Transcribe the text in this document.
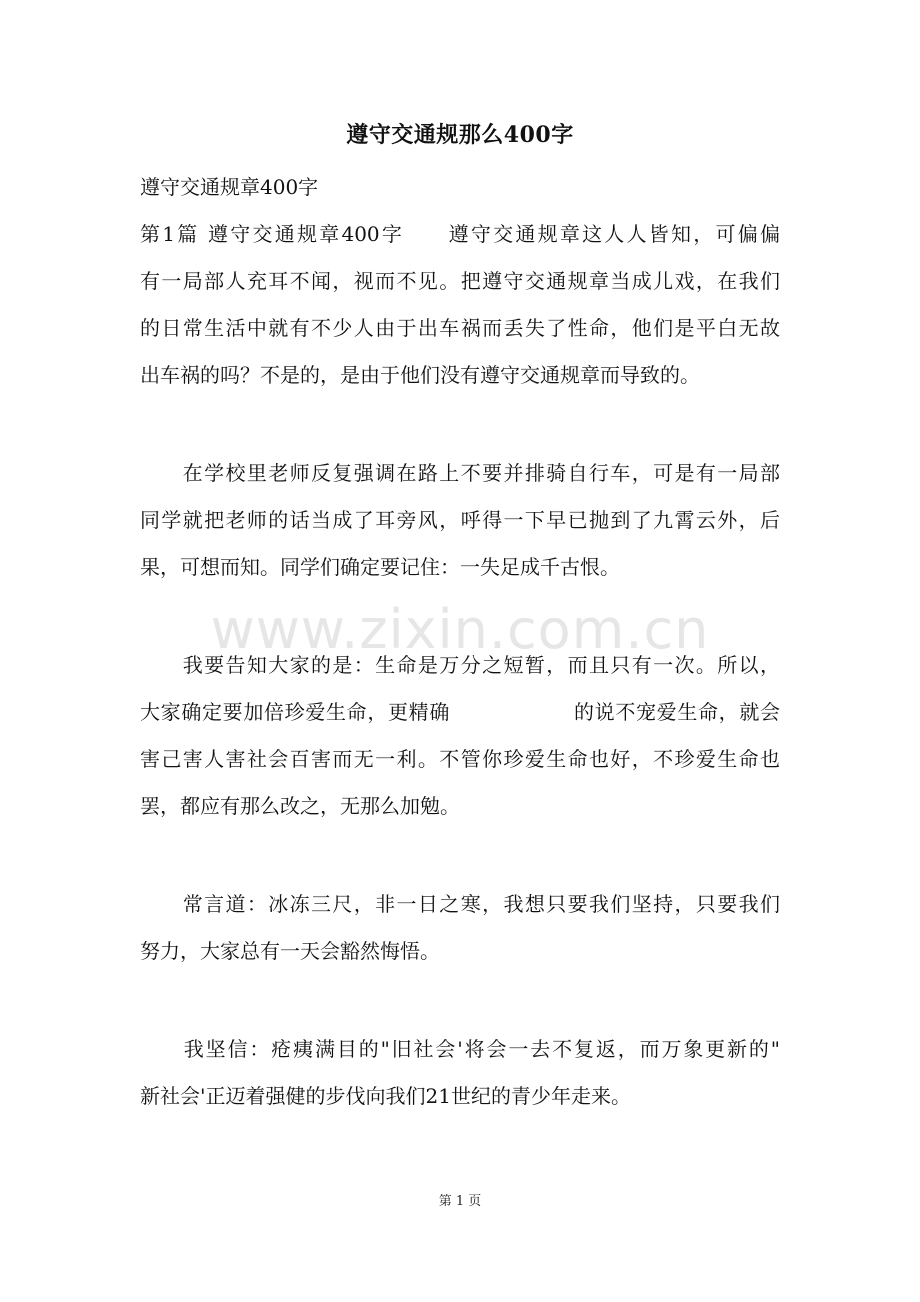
遵守交通规那么400字
遵守交通规章400字
第1篇 遵守交通规章400字　　遵守交通规章这人人皆知，可偏偏
有一局部人充耳不闻，视而不见。把遵守交通规章当成儿戏，在我们
的日常生活中就有不少人由于出车祸而丢失了性命，他们是平白无故
出车祸的吗？不是的，是由于他们没有遵守交通规章而导致的。
　　在学校里老师反复强调在路上不要并排骑自行车，可是有一局部
同学就把老师的话当成了耳旁风，呼得一下早已抛到了九霄云外，后
果，可想而知。同学们确定要记住：一失足成千古恨。
www.zixin.com.cn
　　我要告知大家的是：生命是万分之短暂，而且只有一次。所以，
大家确定要加倍珍爱生命，更精确　　　　　　的说不宠爱生命，就会
害己害人害社会百害而无一利。不管你珍爱生命也好，不珍爱生命也
罢，都应有那么改之，无那么加勉。
　　常言道：冰冻三尺，非一日之寒，我想只要我们坚持，只要我们
努力，大家总有一天会豁然悔悟。
　　我坚信：疮痍满目的"旧社会'将会一去不复返，而万象更新的"
新社会'正迈着强健的步伐向我们21世纪的青少年走来。
第 1 页
